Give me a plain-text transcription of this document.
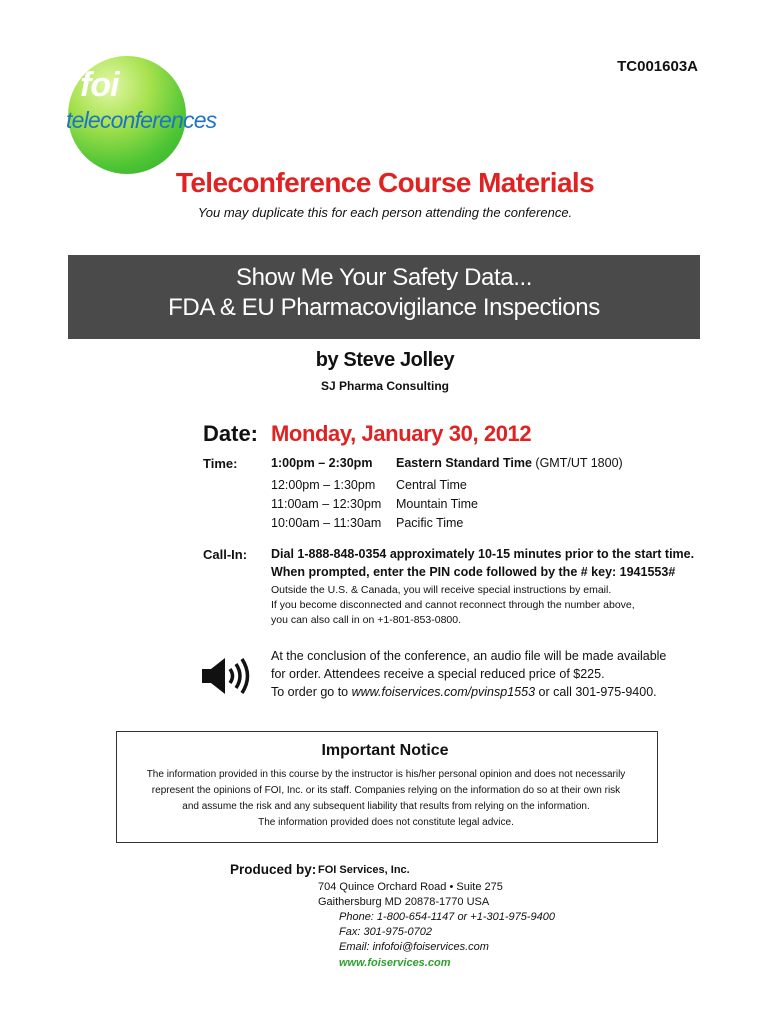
TC001603A
foi
teleconferences
Teleconference Course Materials
You may duplicate this for each person attending the conference.
Show Me Your Safety Data...
FDA & EU Pharmacovigilance Inspections
by Steve Jolley
SJ Pharma Consulting
Date: Monday, January 30, 2012
Time:	1:00pm – 2:30pm Eastern Standard Time (GMT/UT 1800)
12:00pm – 1:30pm Central Time
11:00am – 12:30pm Mountain Time
10:00am – 11:30am Pacific Time
Call-In: Dial 1-888-848-0354 approximately 10-15 minutes prior to the start time.
When prompted, enter the PIN code followed by the # key: 1941553#
Outside the U.S. & Canada, you will receive special instructions by email.
If you become disconnected and cannot reconnect through the number above,
you can also call in on +1-801-853-0800.
At the conclusion of the conference, an audio file will be made available
for order. Attendees receive a special reduced price of $225.
To order go to www.foiservices.com/pvinsp1553 or call 301-975-9400.
Important Notice
The information provided in this course by the instructor is his/her personal opinion and does not necessarily
represent the opinions of FOI, Inc. or its staff. Companies relying on the information do so at their own risk
and assume the risk and any subsequent liability that results from relying on the information.
The information provided does not constitute legal advice.
Produced by: FOI Services, Inc.
704 Quince Orchard Road • Suite 275
Gaithersburg MD 20878-1770 USA
Phone: 1-800-654-1147 or +1-301-975-9400
Fax: 301-975-0702
Email: infofoi@foiservices.com
www.foiservices.com
